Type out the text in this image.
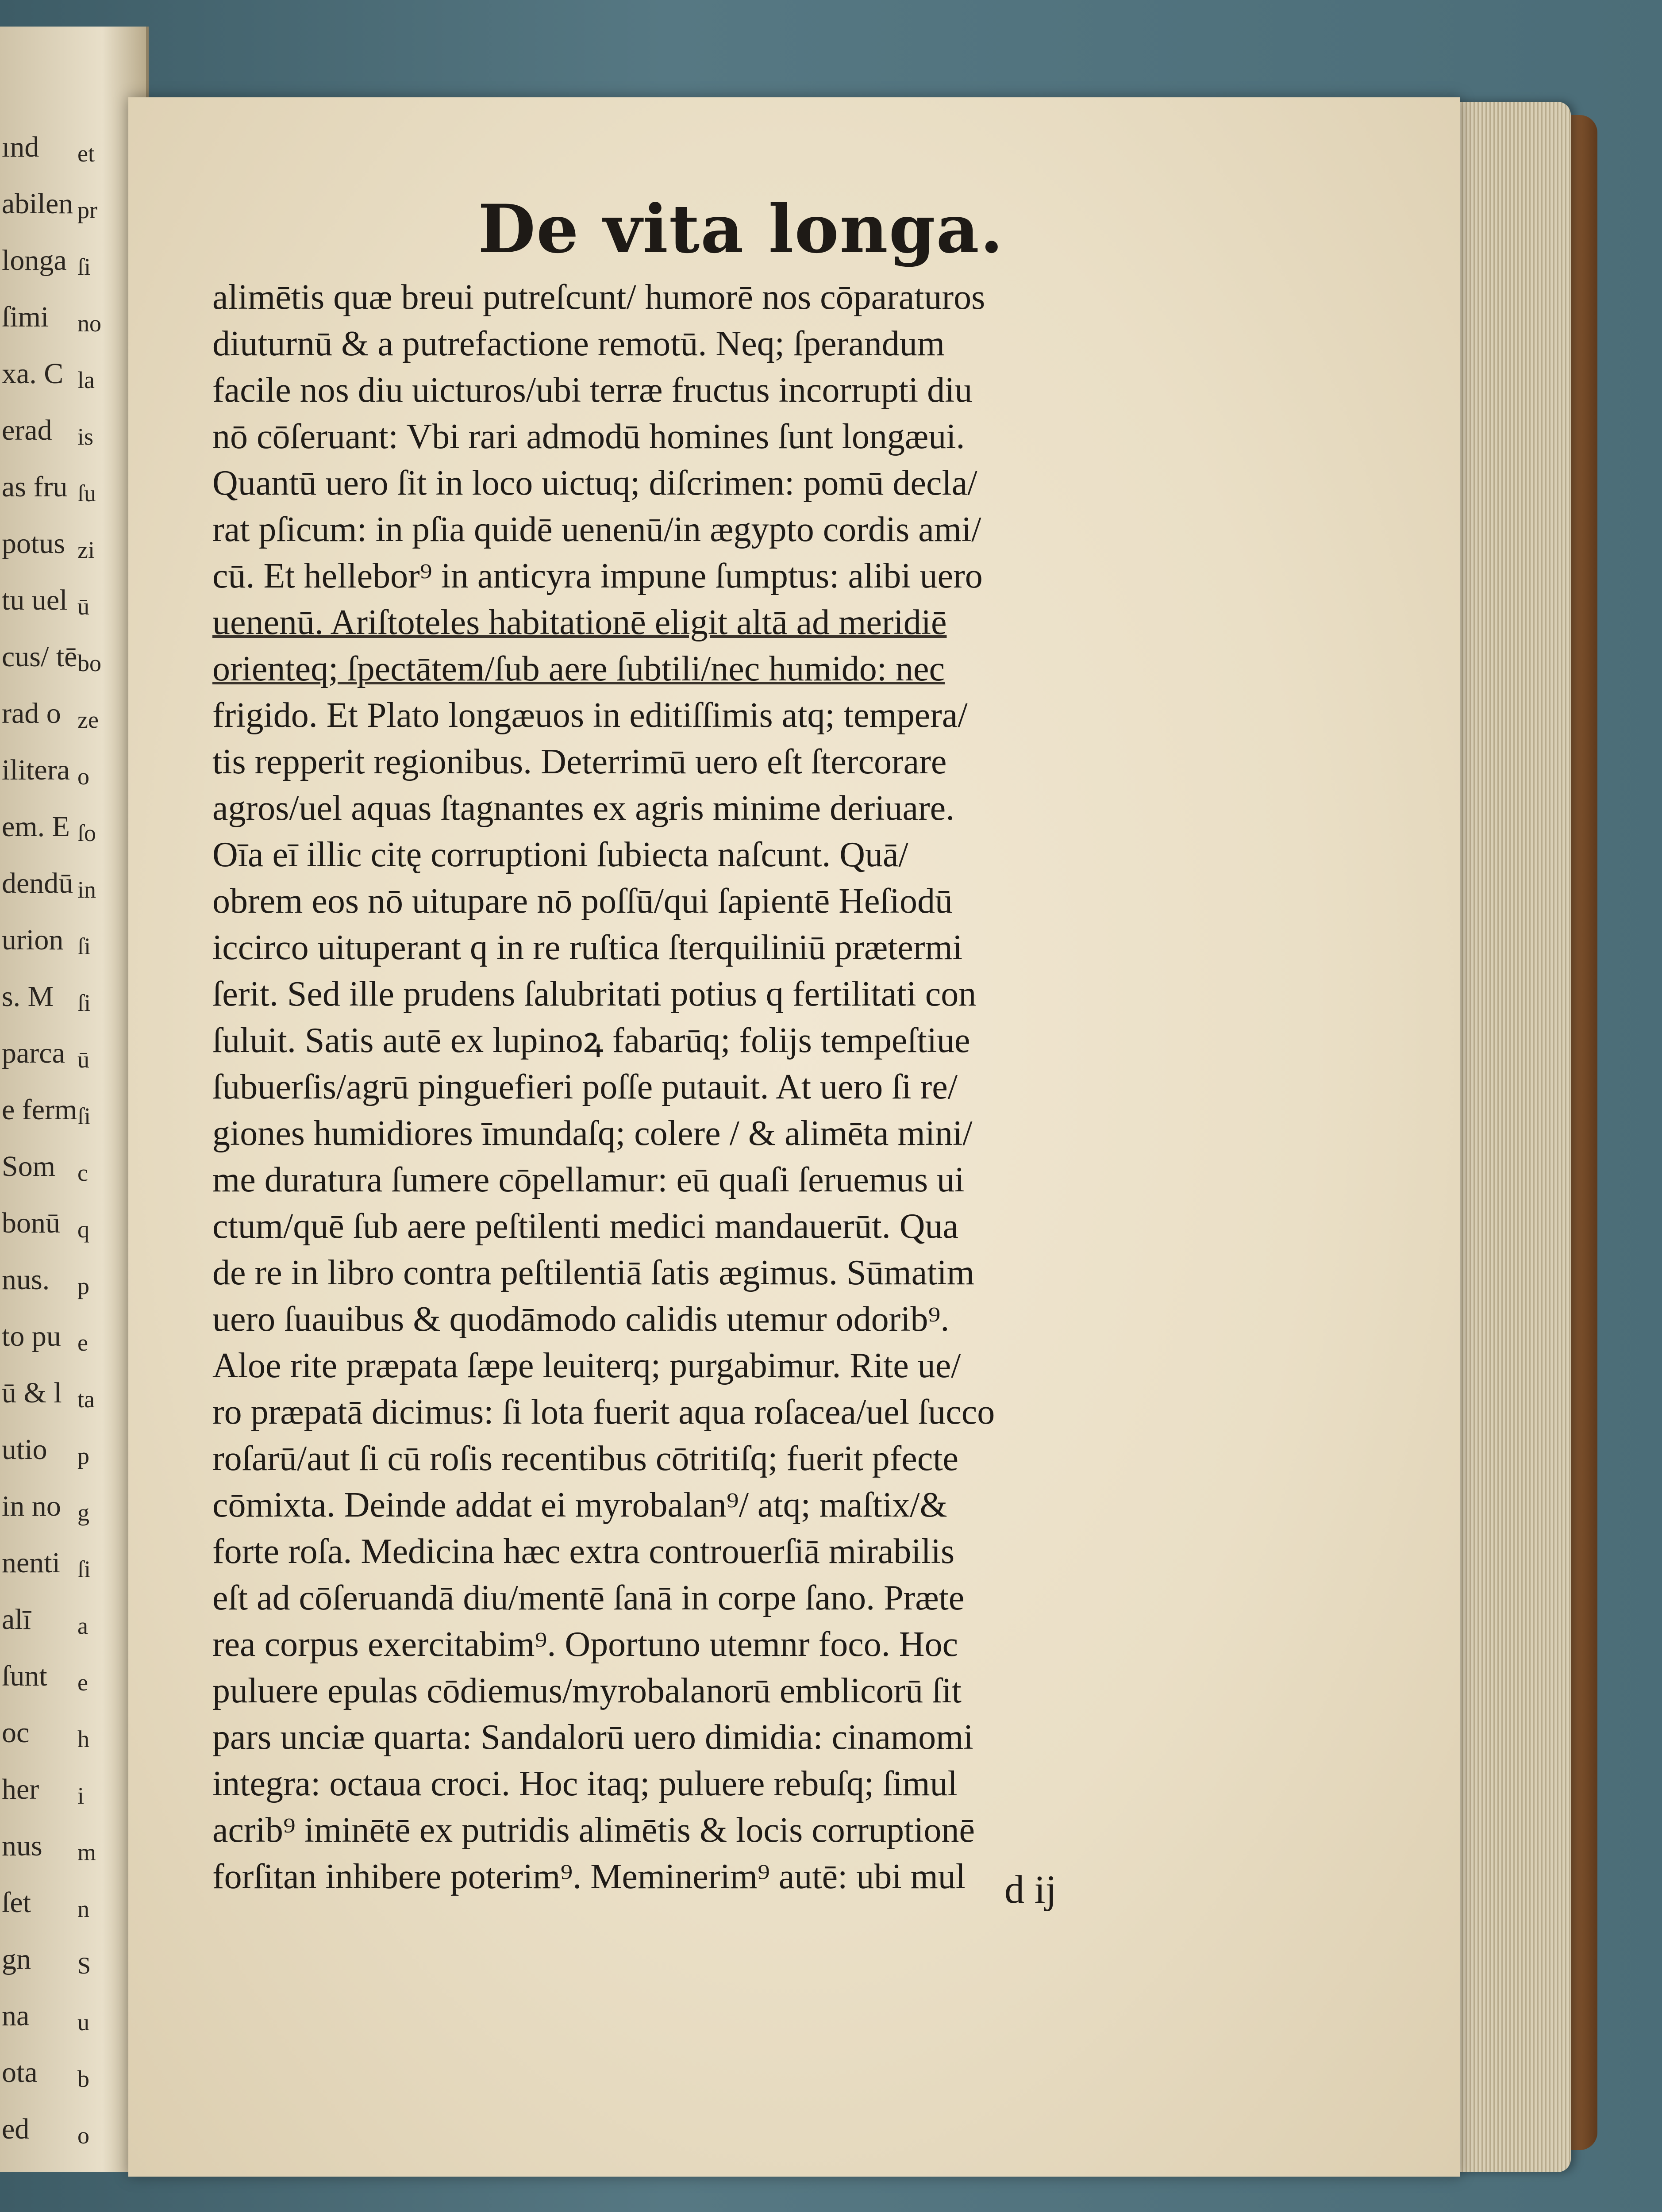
ınd
abilen
longa
ſimi
xa. C
erad
as fru
potus
tu uel
cus/ tē
rad o
ilitera
em. E
dendū
urion
s. M
parca
e ferm
Som
bonū
nus.
to pu
ū & l
utio
in no
nenti
alī
ſunt
oc
her
nus
ſet
gn
na
ota
ed
et
pr
ſi
no
la
is
ſu
zi
ū
bo
ze
o
ſo
in
ſi
ſi
ū
ſi
c
q
p
e
ta
p
g
ſi
a
e
h
i
m
n
S
u
b
o
De vita longa.
alimētis quæ breui putreſcunt/ humorē nos cōparaturos
diuturnū & a putrefactione remotū. Neq; ſperandum
facile nos diu uicturos/ubi terræ fructus incorrupti diu
nō cōſeruant: Vbi rari admodū homines ſunt longæui.
Quantū uero ſit in loco uictuq; diſcrimen: pomū decla/
rat pſicum: in pſia quidē uenenū/in ægypto cordis ami/
cū. Et hellebor⁹ in anticyra impune ſumptus: alibi uero
uenenū. Ariſtoteles habitationē eligit altā ad meridiē
orienteq; ſpectātem/ſub aere ſubtili/nec humido: nec
frigido. Et Plato longæuos in editiſſimis atq; tempera/
tis repperit regionibus. Deterrimū uero eſt ſtercorare
agros/uel aquas ſtagnantes ex agris minime deriuare.
Oīa eī illic citę corruptioni ſubiecta naſcunt. Quā/
obrem eos nō uitupare nō poſſū/qui ſapientē Heſiodū
iccirco uituperant q in re ruſtica ſterquiliniū prætermi
ſerit. Sed ille prudens ſalubritati potius q fertilitati con
ſuluit. Satis autē ex lupinoꝝ fabarūq; folijs tempeſtiue
ſubuerſis/agrū pinguefieri poſſe putauit. At uero ſi re/
giones humidiores īmundaſq; colere / & alimēta mini/
me duratura ſumere cōpellamur: eū quaſi ſeruemus ui
ctum/quē ſub aere peſtilenti medici mandauerūt. Qua
de re in libro contra peſtilentiā ſatis ægimus. Sūmatim
uero ſuauibus & quodāmodo calidis utemur odorib⁹.
Aloe rite præpata ſæpe leuiterq; purgabimur. Rite ue/
ro præpatā dicimus: ſi lota fuerit aqua roſacea/uel ſucco
roſarū/aut ſi cū roſis recentibus cōtritiſq; fuerit pfecte
cōmixta. Deinde addat ei myrobalan⁹/ atq; maſtix/&
forte roſa. Medicina hæc extra controuerſiā mirabilis
eſt ad cōſeruandā diu/mentē ſanā in corpe ſano. Præte
rea corpus exercitabim⁹. Oportuno utemnr foco. Hoc
puluere epulas cōdiemus/myrobalanorū emblicorū ſit
pars unciæ quarta: Sandalorū uero dimidia: cinamomi
integra: octaua croci. Hoc itaq; puluere rebuſq; ſimul
acrib⁹ iminētē ex putridis alimētis & locis corruptionē
forſitan inhibere poterim⁹. Meminerim⁹ autē: ubi mul d ij
